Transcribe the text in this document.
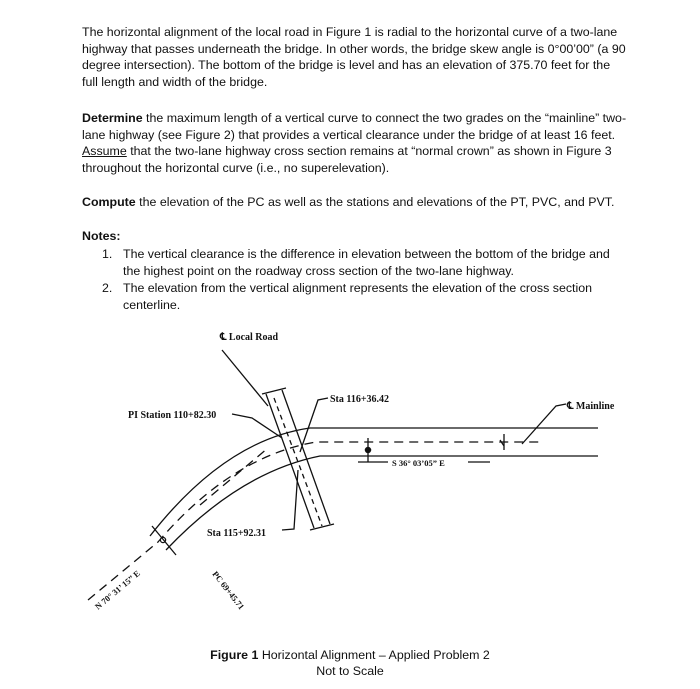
The horizontal alignment of the local road in Figure 1 is radial to the horizontal curve of a two-lane highway that passes underneath the bridge. In other words, the bridge skew angle is 0°00’00” (a 90 degree intersection). The bottom of the bridge is level and has an elevation of 375.70 feet for the full length and width of the bridge.

Determine the maximum length of a vertical curve to connect the two grades on the “mainline” two-lane highway (see Figure 2) that provides a vertical clearance under the bridge of at least 16 feet. Assume that the two-lane highway cross section remains at “normal crown” as shown in Figure 3 throughout the horizontal curve (i.e., no superelevation).

Compute the elevation of the PC as well as the stations and elevations of the PT, PVC, and PVT.

Notes:
1. The vertical clearance is the difference in elevation between the bottom of the bridge and the highest point on the roadway cross section of the two-lane highway.
2. The elevation from the vertical alignment represents the elevation of the cross section centerline.
℄ Local Road
℄ Mainline
PI Station 110+82.30
Sta 116+36.42
Sta 115+92.31
S 36° 03’05” E
N 70° 31’ 15” E	PC 69+45.71
Figure 1 Horizontal Alignment – Applied Problem 2
Not to Scale
